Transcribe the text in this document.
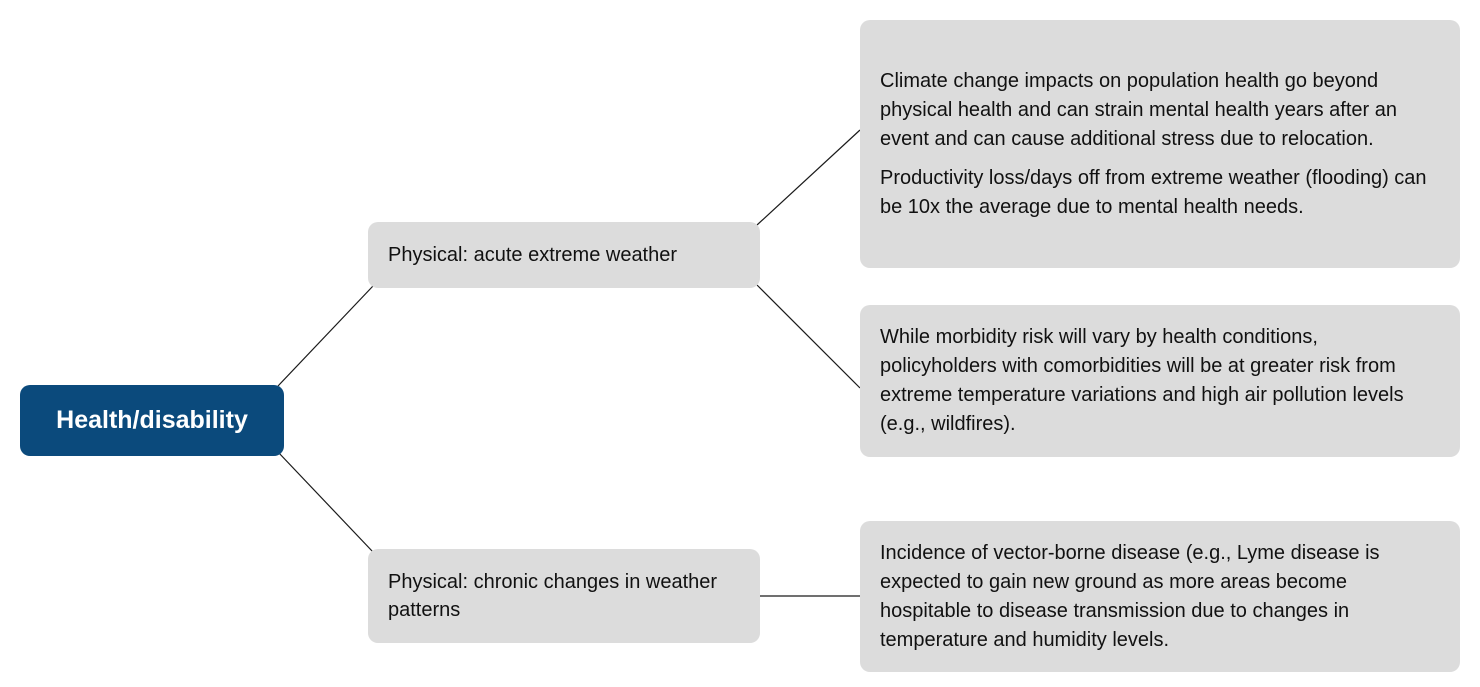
Health/disability
Physical: acute extreme weather
Physical: chronic changes in weather patterns

Climate change impacts on population health go beyond physical health and can strain mental health years after an event and can cause additional stress due to relocation.

Productivity loss/days off from extreme weather (flooding) can be 10x the average due to mental health needs.

While morbidity risk will vary by health conditions, policyholders with comorbidities will be at greater risk from extreme temperature variations and high air pollution levels (e.g., wildfires).

Incidence of vector-borne disease (e.g., Lyme disease is expected to gain new ground as more areas become hospitable to disease transmission due to changes in temperature and humidity levels.
